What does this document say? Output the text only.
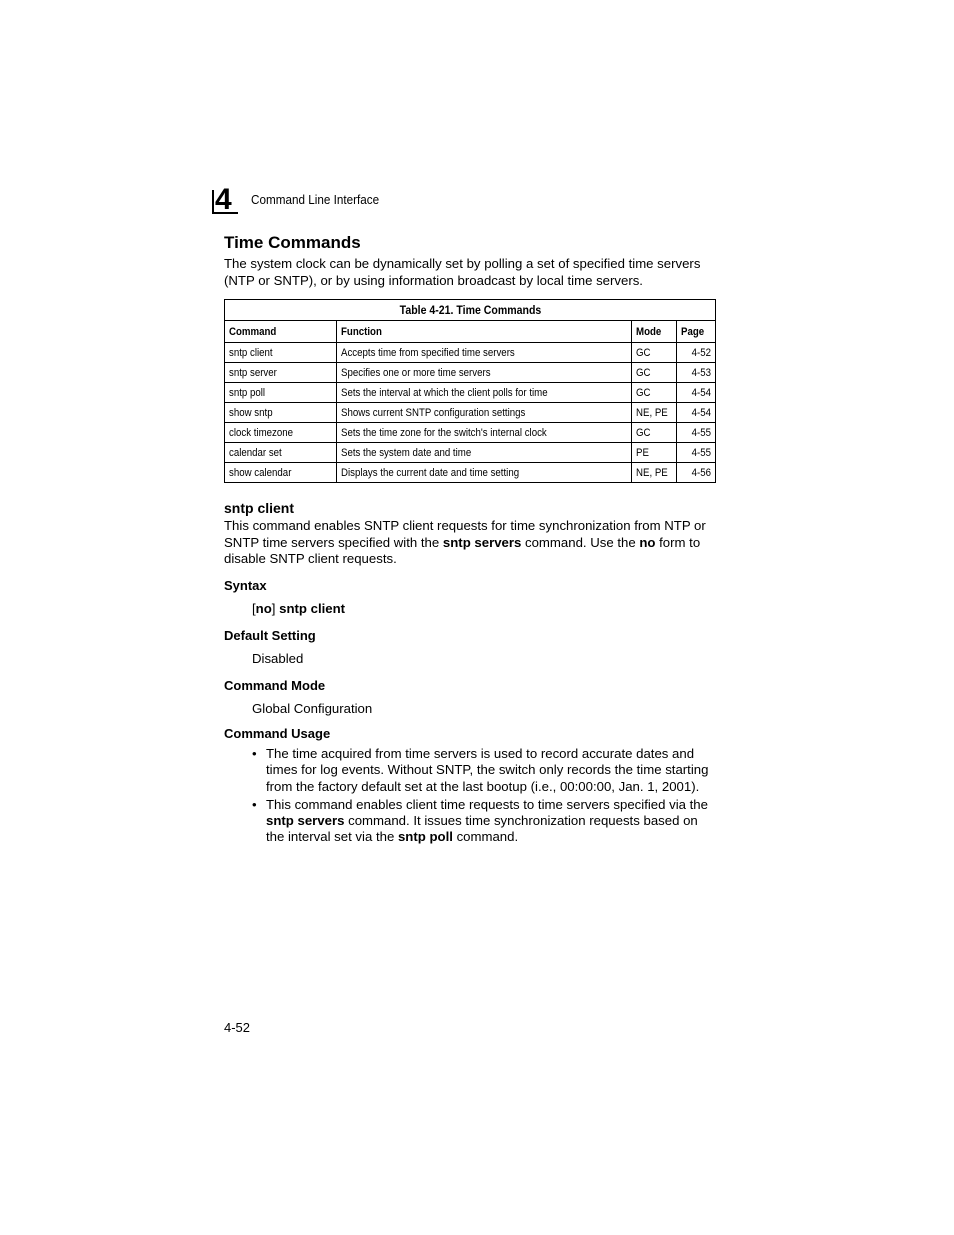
4	Command Line Interface
Time Commands
The system clock can be dynamically set by polling a set of specified time servers (NTP or SNTP), or by using information broadcast by local time servers.
Table 4-21. Time Commands
Command	Function	Mode	Page
sntp client	Accepts time from specified time servers	GC	4-52
sntp server	Specifies one or more time servers	GC	4-53
sntp poll	Sets the interval at which the client polls for time	GC	4-54
show sntp	Shows current SNTP configuration settings	NE, PE	4-54
clock timezone	Sets the time zone for the switch's internal clock	GC	4-55
calendar set	Sets the system date and time	PE	4-55
show calendar	Displays the current date and time setting	NE, PE	4-56
sntp client
This command enables SNTP client requests for time synchronization from NTP or SNTP time servers specified with the sntp servers command. Use the no form to disable SNTP client requests.
Syntax
[no] sntp client
Default Setting
Disabled
Command Mode
Global Configuration
Command Usage
• The time acquired from time servers is used to record accurate dates and times for log events. Without SNTP, the switch only records the time starting from the factory default set at the last bootup (i.e., 00:00:00, Jan. 1, 2001).
• This command enables client time requests to time servers specified via the sntp servers command. It issues time synchronization requests based on the interval set via the sntp poll command.
4-52
